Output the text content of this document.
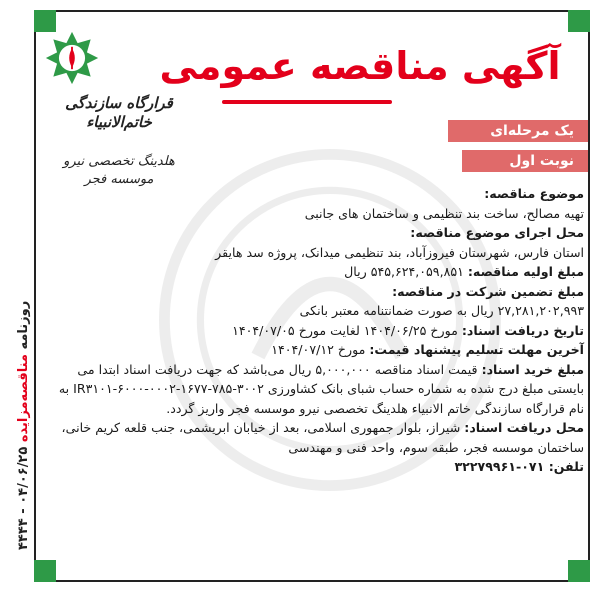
روزنامه مناقصه‌مزایده ۰۴/۰۶/۲۵ - ۴۴۴۴
آگهی مناقصه عمومی
قرارگاه سازندگی خاتم‌الانبیاء
هلدینگ تخصصی نیرو
موسسه فجر
یک مرحله‌ای
نوبت اول

موضوع مناقصه:

تهیه مصالح، ساخت بند تنظیمی و ساختمان های جانبی

محل اجرای موضوع مناقصه:

استان فارس، شهرستان فیروزآباد، بند تنظیمی میدانک، پروژه سد هایقر

مبلغ اولیه مناقصه: ۵۴۵,۶۲۴,۰۵۹,۸۵۱ ریال

مبلغ تضمین شرکت در مناقصه:

۲۷,۲۸۱,۲۰۲,۹۹۳ ریال به صورت ضمانتنامه معتبر بانکی

تاریخ دریافت اسناد: مورخ ۱۴۰۴/۰۶/۲۵ لغایت مورخ ۱۴۰۴/۰۷/۰۵

آخرین مهلت تسلیم پیشنهاد قیمت: مورخ ۱۴۰۴/۰۷/۱۲

مبلغ خرید اسناد: قیمت اسناد مناقصه ۵,۰۰۰,۰۰۰ ریال می‌باشد که جهت دریافت اسناد ابتدا می بایستی مبلغ درج شده به شماره حساب شبای بانک کشاورزی IR۳۱۰۱-۶۰۰۰-۰۰۰۲-۱۶۷۷-۷۸۵-۳۰۰۲ به نام قرارگاه سازندگی خاتم الانبیاء هلدینگ تخصصی نیرو موسسه فجر واریز گردد.

محل دریافت اسناد: شیراز، بلوار جمهوری اسلامی، بعد از خیابان ابریشمی، جنب قلعه کریم خانی، ساختمان موسسه فجر، طبقه سوم، واحد فنی و مهندسی

تلفن: ۰۷۱-۳۲۲۷۹۹۶۱
